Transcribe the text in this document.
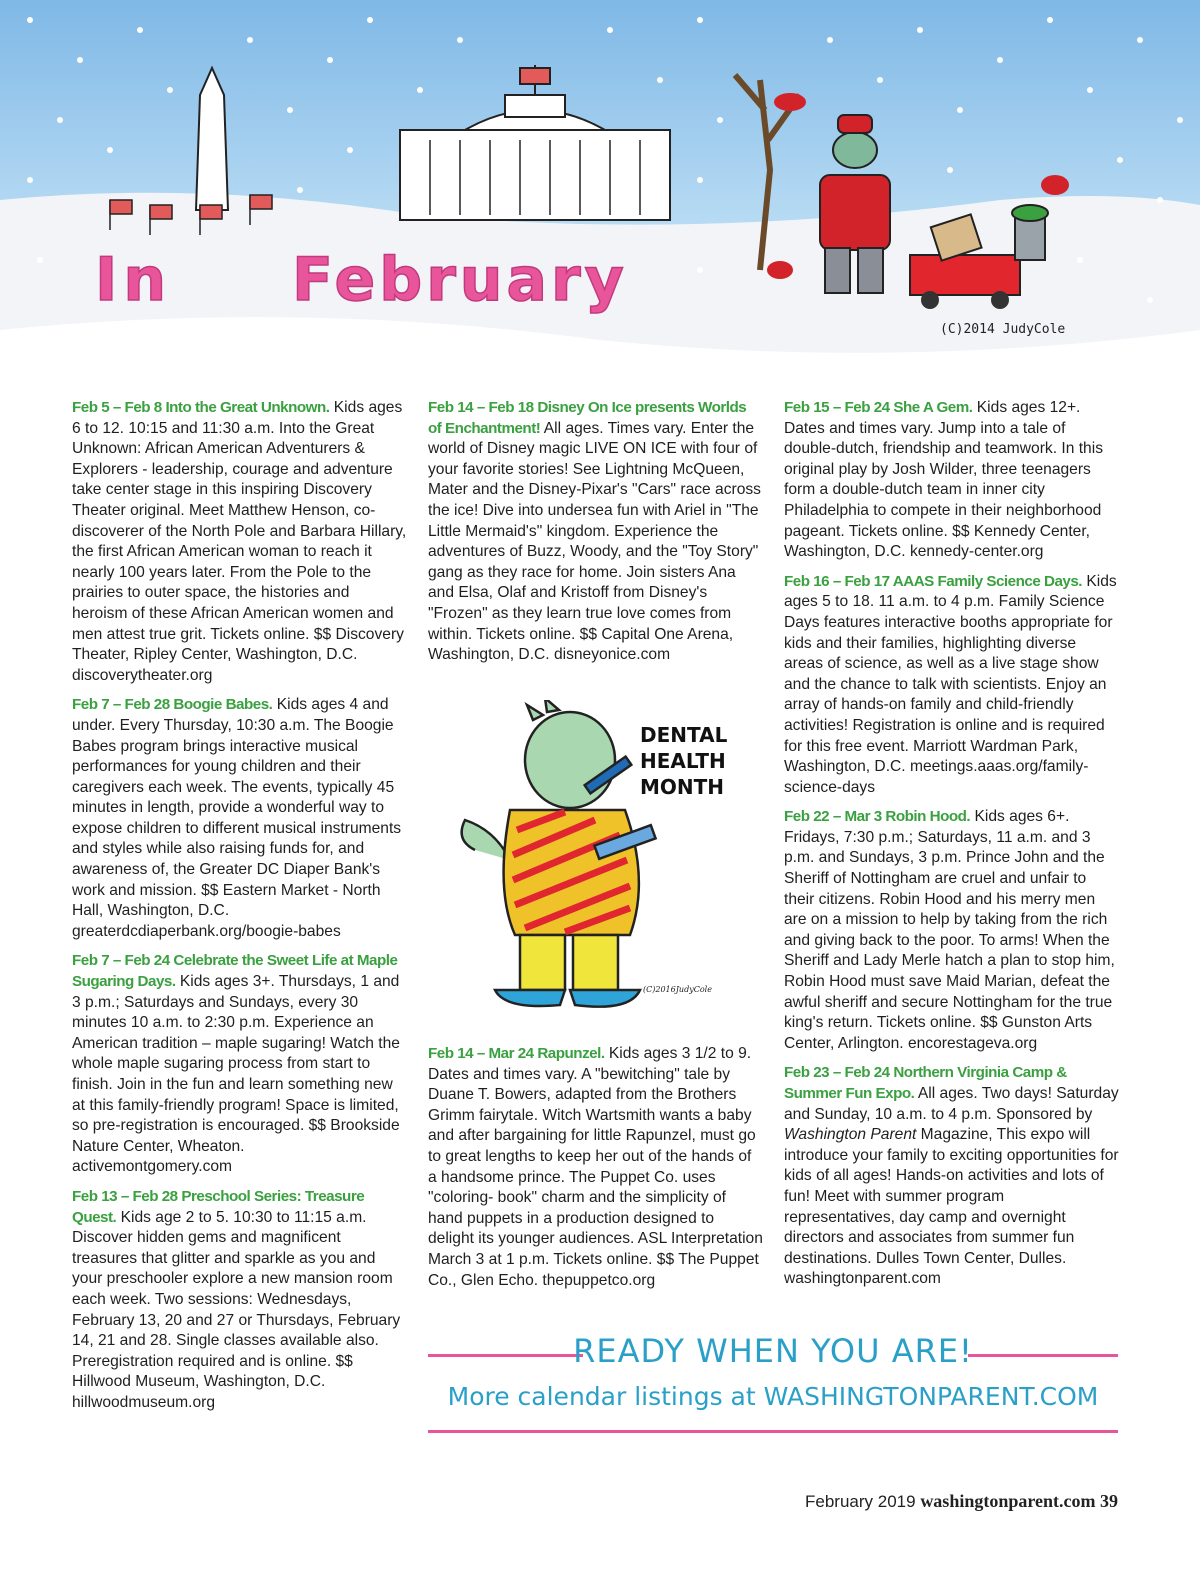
In February
(C)2014 JudyCole

Feb 5 – Feb 8 Into the Great Unknown. Kids ages 6 to 12. 10:15 and 11:30 a.m. Into the Great Unknown: African American Adventurers & Explorers - leadership, courage and adventure take center stage in this inspiring Discovery Theater original. Meet Matthew Henson, co-discoverer of the North Pole and Barbara Hillary, the first African American woman to reach it nearly 100 years later. From the Pole to the prairies to outer space, the histories and heroism of these African American women and men attest true grit. Tickets online. $$ Discovery Theater, Ripley Center, Washington, D.C. discoverytheater.org

Feb 7 – Feb 28 Boogie Babes. Kids ages 4 and under. Every Thursday, 10:30 a.m. The Boogie Babes program brings interactive musical performances for young children and their caregivers each week. The events, typically 45 minutes in length, provide a wonderful way to expose children to different musical instruments and styles while also raising funds for, and awareness of, the Greater DC Diaper Bank's work and mission. $$ Eastern Market - North Hall, Washington, D.C. greaterdcdiaperbank.org/boogie-babes

Feb 7 – Feb 24 Celebrate the Sweet Life at Maple Sugaring Days. Kids ages 3+. Thursdays, 1 and 3 p.m.; Saturdays and Sundays, every 30 minutes 10 a.m. to 2:30 p.m. Experience an American tradition – maple sugaring! Watch the whole maple sugaring process from start to finish. Join in the fun and learn something new at this family-friendly program! Space is limited, so pre-registration is encouraged. $$ Brookside Nature Center, Wheaton. activemontgomery.com

Feb 13 – Feb 28 Preschool Series: Treasure Quest. Kids age 2 to 5. 10:30 to 11:15 a.m. Discover hidden gems and magnificent treasures that glitter and sparkle as you and your preschooler explore a new mansion room each week. Two sessions: Wednesdays, February 13, 20 and 27 or Thursdays, February 14, 21 and 28. Single classes available also. Preregistration required and is online. $$ Hillwood Museum, Washington, D.C. hillwoodmuseum.org

Feb 14 – Feb 18 Disney On Ice presents Worlds of Enchantment! All ages. Times vary. Enter the world of Disney magic LIVE ON ICE with four of your favorite stories! See Lightning McQueen, Mater and the Disney-Pixar's "Cars" race across the ice! Dive into undersea fun with Ariel in "The Little Mermaid's" kingdom. Experience the adventures of Buzz, Woody, and the "Toy Story" gang as they race for home. Join sisters Ana and Elsa, Olaf and Kristoff from Disney's "Frozen" as they learn true love comes from within. Tickets online. $$ Capital One Arena, Washington, D.C. disneyonice.com

Feb 14 – Mar 24 Rapunzel. Kids ages 3 1/2 to 9. Dates and times vary. A "bewitching" tale by Duane T. Bowers, adapted from the Brothers Grimm fairytale. Witch Wartsmith wants a baby and after bargaining for little Rapunzel, must go to great lengths to keep her out of the hands of a handsome prince. The Puppet Co. uses "coloring- book" charm and the simplicity of hand puppets in a production designed to delight its younger audiences. ASL Interpretation March 3 at 1 p.m. Tickets online. $$ The Puppet Co., Glen Echo. thepuppetco.org

DENTAL
HEALTH
MONTH
(C)2016JudyCole

Feb 15 – Feb 24 She A Gem. Kids ages 12+. Dates and times vary. Jump into a tale of double-dutch, friendship and teamwork. In this original play by Josh Wilder, three teenagers form a double-dutch team in inner city Philadelphia to compete in their neighborhood pageant. Tickets online. $$ Kennedy Center, Washington, D.C. kennedy-center.org

Feb 16 – Feb 17 AAAS Family Science Days. Kids ages 5 to 18. 11 a.m. to 4 p.m. Family Science Days features interactive booths appropriate for kids and their families, highlighting diverse areas of science, as well as a live stage show and the chance to talk with scientists. Enjoy an array of hands-on family and child-friendly activities! Registration is online and is required for this free event. Marriott Wardman Park, Washington, D.C. meetings.aaas.org/family-science-days

Feb 22 – Mar 3 Robin Hood. Kids ages 6+. Fridays, 7:30 p.m.; Saturdays, 11 a.m. and 3 p.m. and Sundays, 3 p.m. Prince John and the Sheriff of Nottingham are cruel and unfair to their citizens. Robin Hood and his merry men are on a mission to help by taking from the rich and giving back to the poor. To arms! When the Sheriff and Lady Merle hatch a plan to stop him, Robin Hood must save Maid Marian, defeat the awful sheriff and secure Nottingham for the true king's return. Tickets online. $$ Gunston Arts Center, Arlington. encorestageva.org

Feb 23 – Feb 24 Northern Virginia Camp & Summer Fun Expo. All ages. Two days! Saturday and Sunday, 10 a.m. to 4 p.m. Sponsored by Washington Parent Magazine, This expo will introduce your family to exciting opportunities for kids of all ages! Hands-on activities and lots of fun! Meet with summer program representatives, day camp and overnight directors and associates from summer fun destinations. Dulles Town Center, Dulles. washingtonparent.com

READY WHEN YOU ARE!
More calendar listings at WASHINGTONPARENT.COM
February 2019 washingtonparent.com 39
